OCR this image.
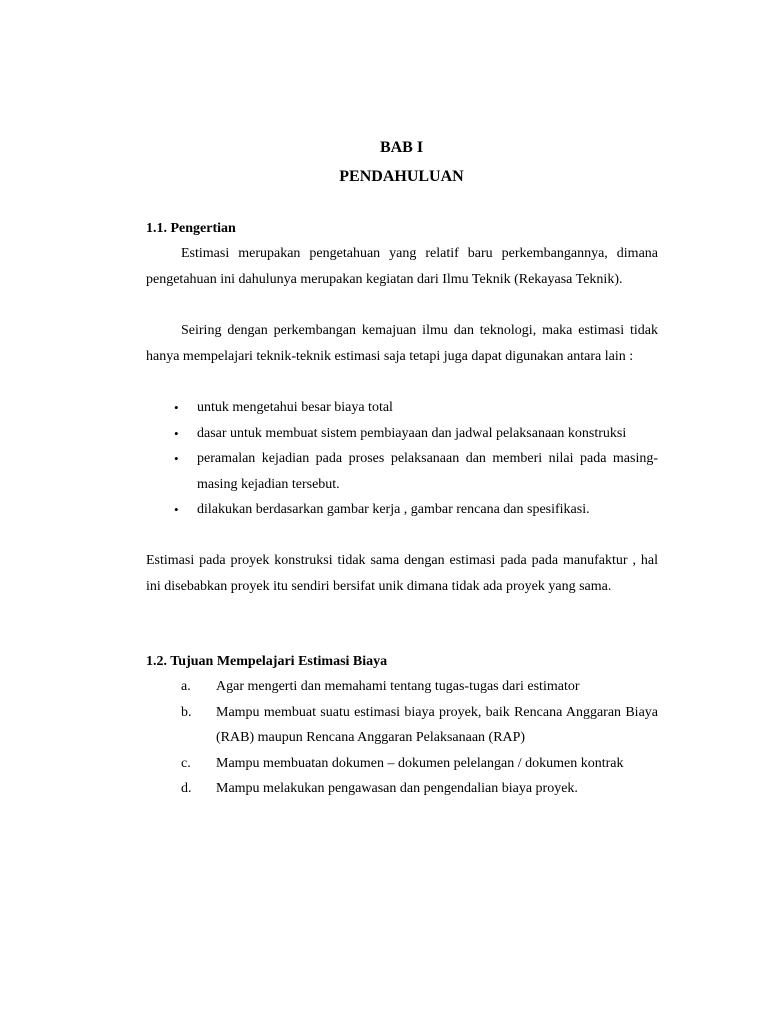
BAB I
PENDAHULUAN
1.1. Pengertian
Estimasi merupakan pengetahuan yang relatif baru perkembangannya, dimana pengetahuan ini dahulunya merupakan kegiatan dari Ilmu Teknik (Rekayasa Teknik).
Seiring dengan perkembangan kemajuan ilmu dan teknologi, maka estimasi tidak hanya mempelajari teknik-teknik estimasi saja tetapi juga dapat digunakan antara lain :
• untuk mengetahui besar biaya total
• dasar untuk membuat sistem pembiayaan dan jadwal pelaksanaan konstruksi
• peramalan kejadian pada proses pelaksanaan dan memberi nilai pada masing-masing kejadian tersebut.
• dilakukan berdasarkan gambar kerja , gambar rencana dan spesifikasi.
Estimasi pada proyek konstruksi tidak sama dengan estimasi pada pada manufaktur , hal ini disebabkan proyek itu sendiri bersifat unik dimana tidak ada proyek yang sama.
1.2. Tujuan Mempelajari Estimasi Biaya
a. Agar mengerti dan memahami tentang tugas-tugas dari estimator
b. Mampu membuat suatu estimasi biaya proyek, baik Rencana Anggaran Biaya (RAB) maupun Rencana Anggaran Pelaksanaan (RAP)
c. Mampu membuatan dokumen – dokumen pelelangan / dokumen kontrak
d. Mampu melakukan pengawasan dan pengendalian biaya proyek.
